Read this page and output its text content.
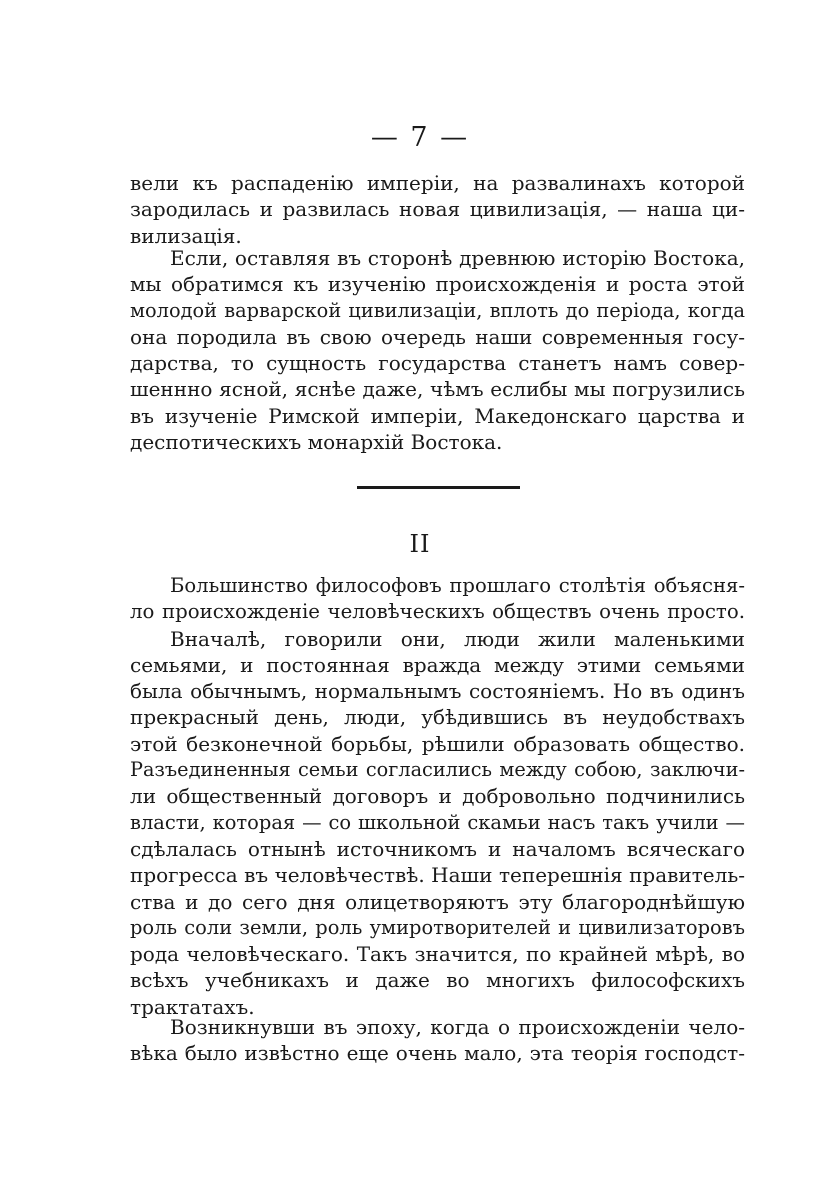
— 7 —
вели къ распаденію имперіи, на развалинахъ которой
зародилась и развилась новая цивилизація, — наша ци-
вилизація.
Если, оставляя въ сторонѣ древнюю исторію Востока,
мы обратимся къ изученію происхожденія и роста этой
молодой варварской цивилизаціи, вплоть до періода, когда
она породила въ свою очередь наши современныя госу-
дарства, то сущность государства станетъ намъ совер-
шеннно ясной, яснѣе даже, чѣмъ еслибы мы погрузились
въ изученіе Римской имперіи, Македонскаго царства и
деспотическихъ монархій Востока.
II
Большинство философовъ прошлаго столѣтія объясня-
ло происхожденіе человѣческихъ обществъ очень просто.
Вначалѣ, говорили они, люди жили маленькими
семьями, и постоянная вражда между этими семьями
была обычнымъ, нормальнымъ состояніемъ. Но въ одинъ
прекрасный день, люди, убѣдившись въ неудобствахъ
этой безконечной борьбы, рѣшили образовать общество.
Разъединенныя семьи согласились между собою, заключи-
ли общественный договоръ и добровольно подчинились
власти, которая — со школьной скамьи насъ такъ учили —
сдѣлалась отнынѣ источникомъ и началомъ всяческаго
прогресса въ человѣчествѣ. Наши теперешнія правитель-
ства и до сего дня олицетворяютъ эту благороднѣйшую
роль соли земли, роль умиротворителей и цивилизаторовъ
рода человѣческаго. Такъ значится, по крайней мѣрѣ, во
всѣхъ учебникахъ и даже во многихъ философскихъ
трактатахъ.
Возникнувши въ эпоху, когда о происхожденіи чело-
вѣка было извѣстно еще очень мало, эта теорія господст-
